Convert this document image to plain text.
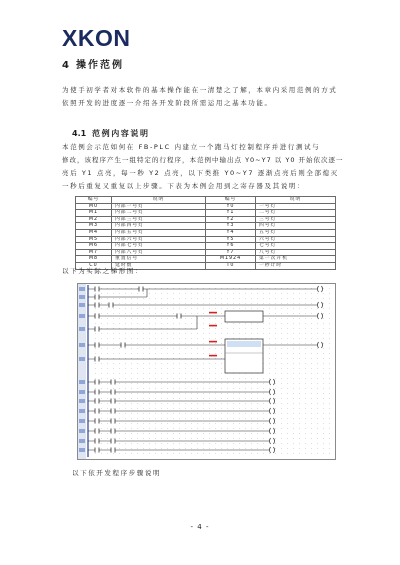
XKON
4 操作范例
为使手初学者对本软件的基本操作能在一清楚之了解，本章内采用范例的方式
依照开发的进度逐一介绍各开发阶段所需运用之基本功能。
4.1 范例内容说明
本范例会示范如何在 FB-PLC 内建立一个跑马灯控制程序并进行测试与
修改，该程序产生一组特定的行程序，本范例中输出点 Y0~Y7 以 Y0 开始依次逐一
亮后 Y1 点亮，每一秒 Y2 点亮，以下类推 Y0~Y7 逐渐点亮后则全部熄灭
一秒后重复又重复以上步骤。下表为本例会用到之寄存器及其说明：
编号	说明	编号	说明
M0	内部一号灯	Y0	一号灯
M1	内部二号灯	Y1	二号灯
M2	内部三号灯	Y2	三号灯
M3	内部四号灯	Y3	四号灯
M4	内部五号灯	Y4	五号灯
M5	内部六号灯	Y5	六号灯
M6	内部七号灯	Y6	七号灯
M7	内部八号灯	Y7	八号灯
M8	重置信号	M1924	第一次开机
C0	延时数	T0	一秒计时
以下为实际之梯形图：
以下依开发程序步骤说明
- 4 -
